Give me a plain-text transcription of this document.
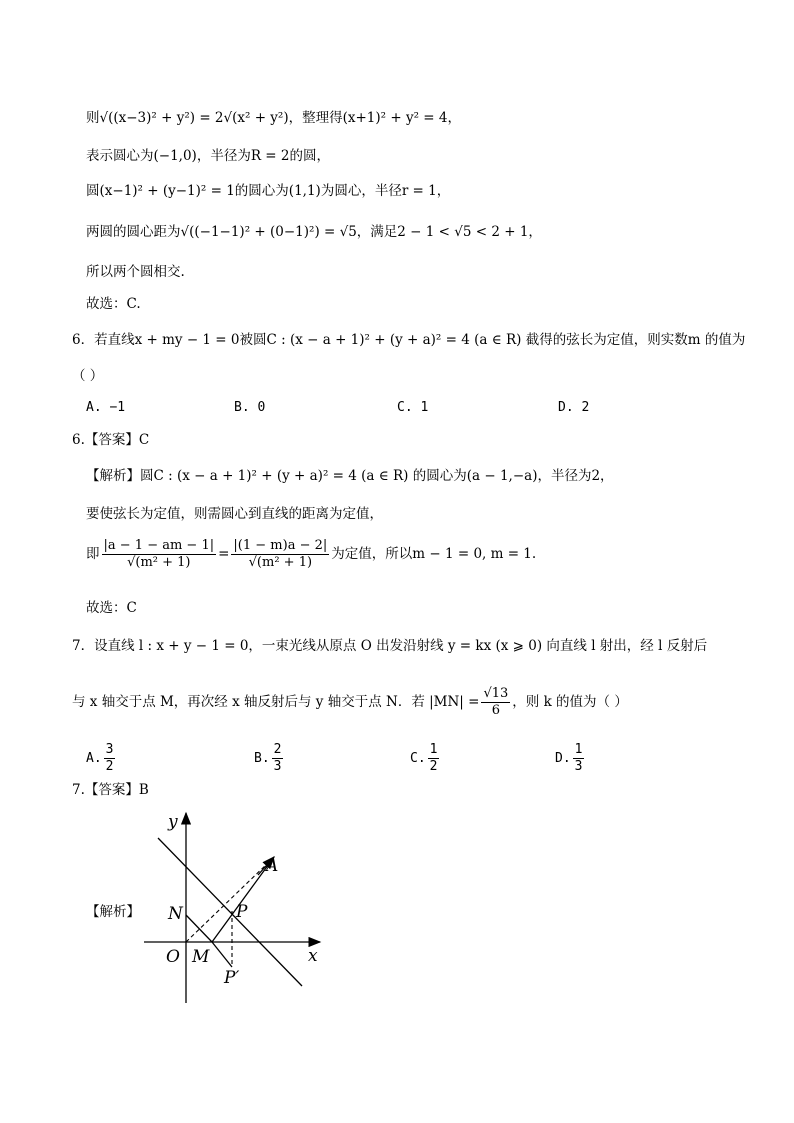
则√((x−3)² + y²) = 2√(x² + y²)，整理得(x+1)² + y² = 4，
表示圆心为(−1,0)，半径为R = 2的圆，
圆(x−1)² + (y−1)² = 1的圆心为(1,1)为圆心，半径r = 1，
两圆的圆心距为√((−1−1)² + (0−1)²) = √5，满足2 − 1 < √5 < 2 + 1，
所以两个圆相交.
故选：C.
6．若直线x + my − 1 = 0被圆C : (x − a + 1)² + (y + a)² = 4 (a ∈ R) 截得的弦长为定值，则实数m 的值为
（ ）
A. −1	B. 0	C. 1	D. 2
6.【答案】C
【解析】圆C : (x − a + 1)² + (y + a)² = 4 (a ∈ R) 的圆心为(a − 1,−a)，半径为2，
要使弦长为定值，则需圆心到直线的距离为定值，
即 $\frac{|a - 1 - am - 1|}{\text{√(m² + 1)}} = \frac{|(1 - m)a - 2|}{\text{√(m² + 1)}}$ 为定值，所以m − 1 = 0, m = 1.
故选：C
7．设直线 l : x + y − 1 = 0，一束光线从原点 O 出发沿射线 y = kx (x ⩾ 0) 向直线 l 射出，经 l 反射后
与 x 轴交于点 M，再次经 x 轴反射后与 y 轴交于点 N．若 $|MN| = \frac{√13}{6}$ ，则 k 的值为（ ）
A. $\frac{3}{2}$	B. $\frac{2}{3}$	C. $\frac{1}{2}$	D. $\frac{1}{3}$
7.【答案】B
【解析】
y
x
O M
N	P
P′
A
